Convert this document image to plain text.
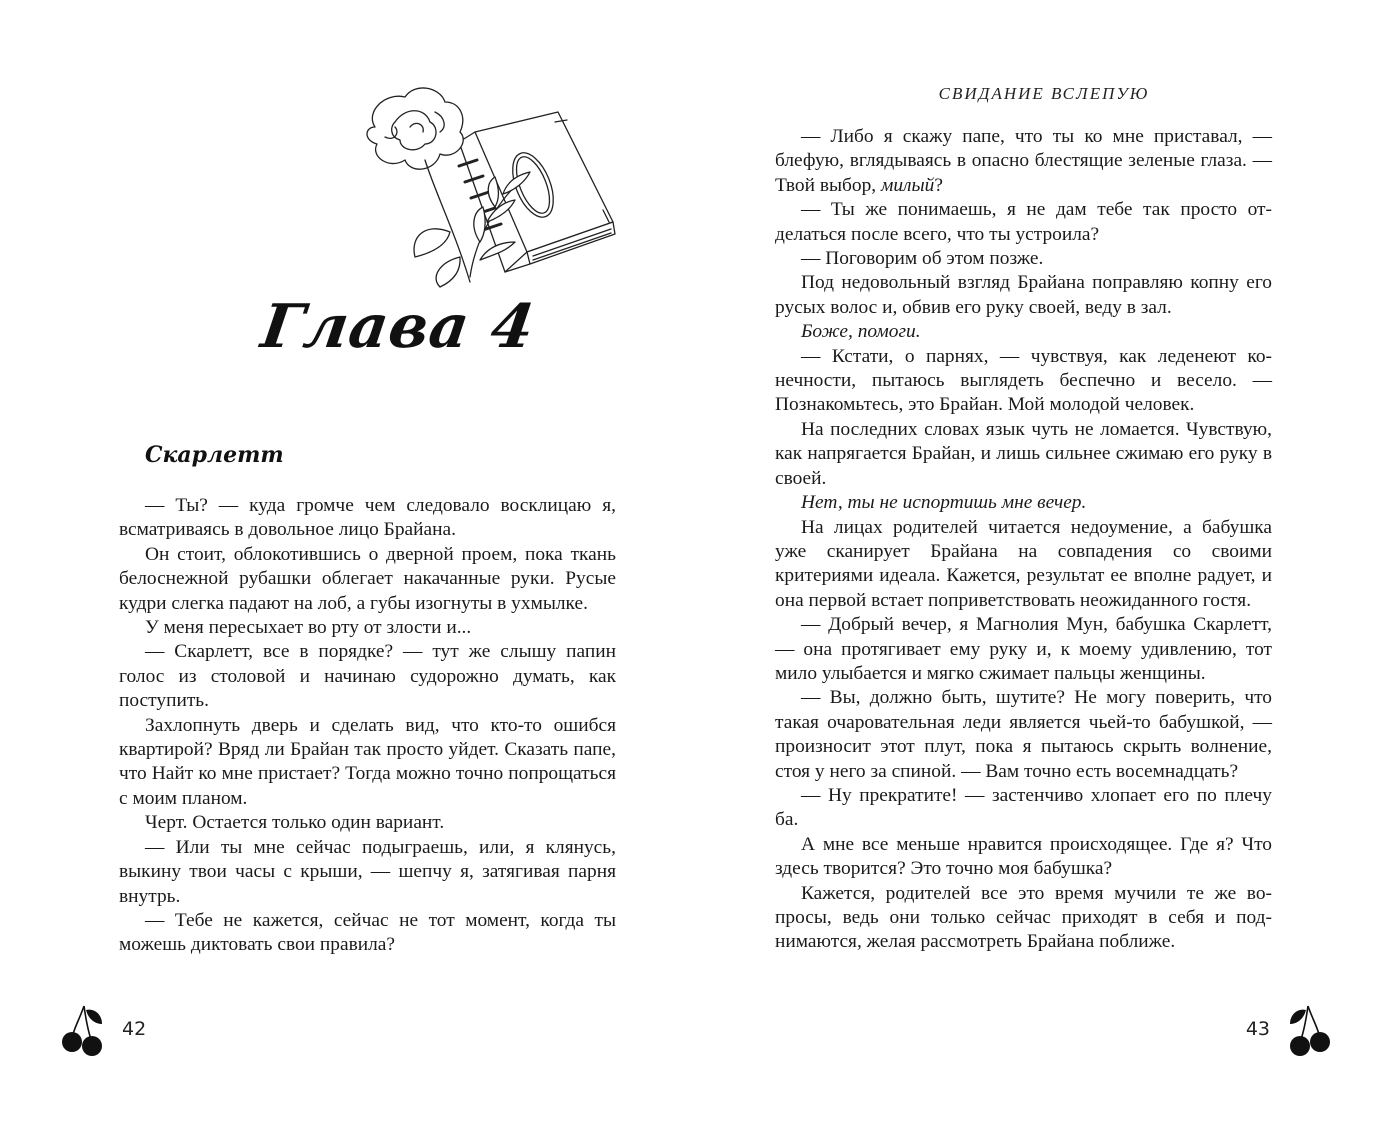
Глава 4
Скарлетт

— Ты? — куда громче чем следовало восклицаю я, всматриваясь в довольное лицо Брайана.

Он стоит, облокотившись о дверной проем, пока ткань белоснежной рубашки облегает накачанные руки. Русые кудри слегка падают на лоб, а губы изогнуты в ухмылке.

У меня пересыхает во рту от злости и...

— Скарлетт, все в порядке? — тут же слышу папин голос из столовой и начинаю судорожно думать, как поступить.

Захлопнуть дверь и сделать вид, что кто-то ошибся квартирой? Вряд ли Брайан так просто уйдет. Сказать папе, что Найт ко мне пристает? Тогда можно точно попрощаться с моим планом.

Черт. Остается только один вариант.

— Или ты мне сейчас подыграешь, или, я клянусь, выкину твои часы с крыши, — шепчу я, затягивая парня внутрь.

— Тебе не кажется, сейчас не тот момент, когда ты можешь диктовать свои правила?

42
СВИДАНИЕ ВСЛЕПУЮ

— Либо я скажу папе, что ты ко мне приставал, — блефую, вглядываясь в опасно блестящие зеленые глаза. — Твой выбор, милый?

— Ты же понимаешь, я не дам тебе так просто отделаться после всего, что ты устроила?

— Поговорим об этом позже.

Под недовольный взгляд Брайана поправляю копну его русых волос и, обвив его руку своей, веду в зал.

Боже, помоги.

— Кстати, о парнях, — чувствуя, как леденеют конечности, пытаюсь выглядеть беспечно и весело. — Познакомьтесь, это Брайан. Мой молодой человек.

На последних словах язык чуть не ломается. Чувствую, как напрягается Брайан, и лишь сильнее сжимаю его руку в своей.

Нет, ты не испортишь мне вечер.

На лицах родителей читается недоумение, а бабушка уже сканирует Брайана на совпадения со своими критериями идеала. Кажется, результат ее вполне радует, и она первой встает поприветствовать неожиданного гостя.

— Добрый вечер, я Магнолия Мун, бабушка Скарлетт, — она протягивает ему руку и, к моему удивлению, тот мило улыбается и мягко сжимает пальцы женщины.

— Вы, должно быть, шутите? Не могу поверить, что такая очаровательная леди является чьей-то бабушкой, — произносит этот плут, пока я пытаюсь скрыть волнение, стоя у него за спиной. — Вам точно есть восемнадцать?

— Ну прекратите! — застенчиво хлопает его по плечу ба.

А мне все меньше нравится происходящее. Где я? Что здесь творится? Это точно моя бабушка?

Кажется, родителей все это время мучили те же вопросы, ведь они только сейчас приходят в себя и поднимаются, желая рассмотреть Брайана поближе.

43
